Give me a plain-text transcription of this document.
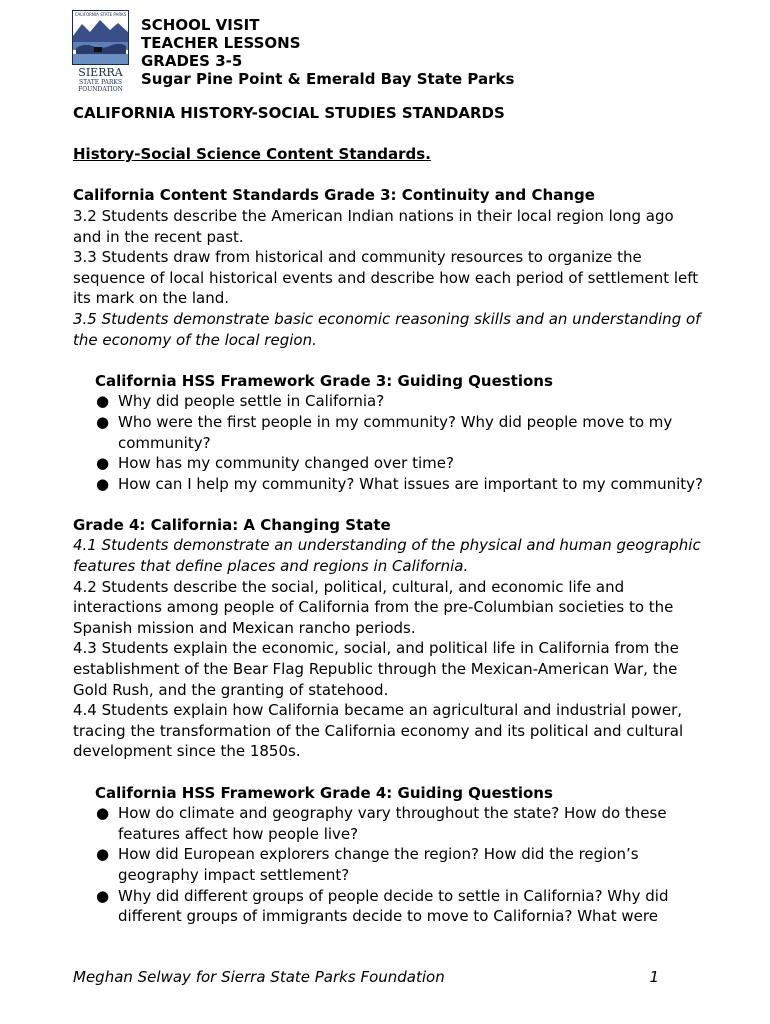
CALIFORNIA STATE PARKS
SIERRA
STATE PARKS
FOUNDATION
SCHOOL VISIT
TEACHER LESSONS
GRADES 3-5
Sugar Pine Point & Emerald Bay State Parks

CALIFORNIA HISTORY-SOCIAL STUDIES STANDARDS

History-Social Science Content Standards.

California Content Standards Grade 3: Continuity and Change

3.2 Students describe the American Indian nations in their local region long ago and in the recent past.

3.3 Students draw from historical and community resources to organize the sequence of local historical events and describe how each period of settlement left its mark on the land.

3.5 Students demonstrate basic economic reasoning skills and an understanding of the economy of the local region.

California HSS Framework Grade 3: Guiding Questions

● Why did people settle in California?
● Who were the first people in my community? Why did people move to my community?
● How has my community changed over time?
● How can I help my community? What issues are important to my community?

Grade 4: California: A Changing State

4.1 Students demonstrate an understanding of the physical and human geographic features that define places and regions in California.

4.2 Students describe the social, political, cultural, and economic life and interactions among people of California from the pre-Columbian societies to the Spanish mission and Mexican rancho periods.

4.3 Students explain the economic, social, and political life in California from the establishment of the Bear Flag Republic through the Mexican-American War, the Gold Rush, and the granting of statehood.

4.4 Students explain how California became an agricultural and industrial power, tracing the transformation of the California economy and its political and cultural development since the 1850s.

California HSS Framework Grade 4: Guiding Questions

● How do climate and geography vary throughout the state? How do these features affect how people live?
● How did European explorers change the region? How did the region’s geography impact settlement?
● Why did different groups of people decide to settle in California? Why did different groups of immigrants decide to move to California? What were
Meghan Selway for Sierra State Parks Foundation	1
